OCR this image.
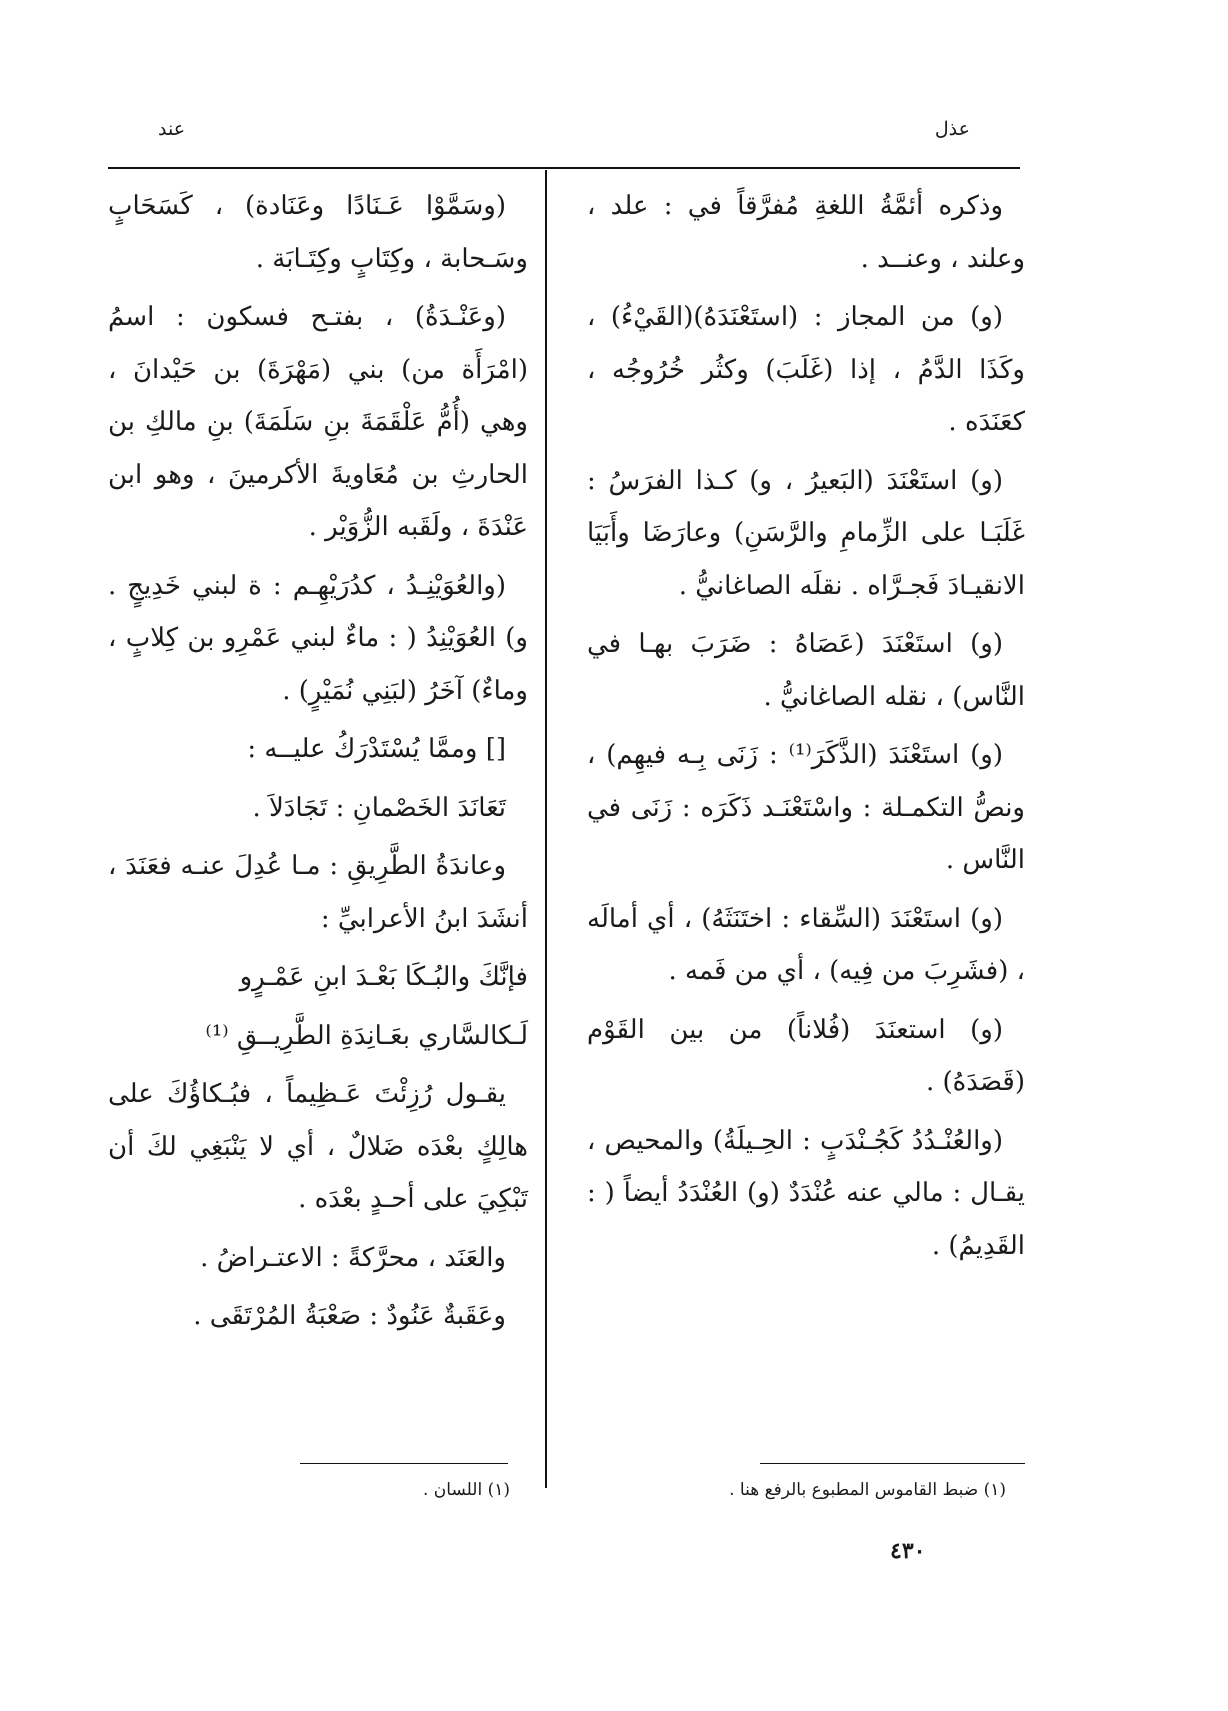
عذل
عند

وذكره أئمَّةُ اللغةِ مُفرَّقاً في : علد ، وعلند ، وعنــد .

(و) من المجاز : (استَعْنَدَهُ)(القَيْءُ) ، وكَذَا الدَّمُ ، إذا (غَلَبَ) وكثُر خُرُوجُه ، كعَنَدَه .

(و) استَعْنَدَ (البَعيرُ ، و) كـذا الفرَسُ : غَلَبَـا على الزِّمامِ والرَّسَنِ) وعارَضَا وأَبَيَا الانقيـادَ فَجـرَّاه . نقلَه الصاغانيُّ .

(و) استَعْنَدَ (عَصَاهُ : ضَرَبَ بهـا في النَّاس) ، نقله الصاغانيُّ .

(و) استَعْنَدَ (الذَّكَرَ⁽¹⁾ : زَنَى بِـه فيهِم) ، ونصُّ التكمـلة : واسْتَعْنَـد ذَكَرَه : زَنَى في النَّاس .

(و) استَعْنَدَ (السِّقاء : اختَنَثَهُ) ، أي أمالَه ، (فشَرِبَ من فِيه) ، أي من فَمه .

(و) استعنَدَ (فُلاناً) من بين القَوْم (قَصَدَهُ) .

(والعُنْـدُدُ كَجُـنْدَبٍ : الحِـيلَةُ) والمحيص ، يقـال : مالي عنه عُنْدَدٌ (و) العُنْدَدُ أيضاً ( : القَدِيمُ) .

(وسَمَّوْا عَـنَادًا وعَنَادة) ، كَسَحَابٍ وسَـحابة ، وكِتَابٍ وكِتَـابَة .

(وعَنْـدَةُ) ، بفتـح فسكون : اسمُ (امْرَأَة من) بني (مَهْرَةَ) بن حَيْدانَ ، وهي (أُمُّ عَلْقَمَةَ بنِ سَلَمَةَ) بنِ مالكِ بن الحارثِ بن مُعَاويةَ الأكرمينَ ، وهو ابن عَنْدَةَ ، ولَقَبه الزُّوَيْر .

(والعُوَيْنِـدُ ، كدُرَيْهِـم : ة لبني خَدِيجٍ . و) العُوَيْنِدُ ( : ماءٌ لبني عَمْرِو بن كِلابٍ ، وماءٌ) آخَرُ (لبَنِي نُمَيْرٍ) .

[] وممَّا يُسْتَدْرَكُ عليــه :

تَعَانَدَ الخَصْمانِ : تَجَادَلاَ .

وعاندَةُ الطَّرِيقِ : مـا عُدِلَ عنـه فعَنَدَ ، أنشَدَ ابنُ الأعرابيِّ :

فإنَّكَ والبُـكَا بَعْـدَ ابنِ عَمْـرٍو

لَـكالسَّاري بعَـانِدَةِ الطَّرِيــقِ ⁽¹⁾

يقـول رُزِئْتَ عَـظِيماً ، فبُـكاؤُكَ على هالِكٍ بعْدَه ضَلالٌ ، أي لا يَنْبَغِي لكَ أن تَبْكِيَ على أحـدٍ بعْدَه .

والعَنَد ، محرَّكةً : الاعتـراضُ .

وعَقَبةٌ عَنُودٌ : صَعْبَةُ المُرْتَقَى .

(١) ضبط القاموس المطبوع بالرفع هنا .
(١) اللسان .
٤٣٠
